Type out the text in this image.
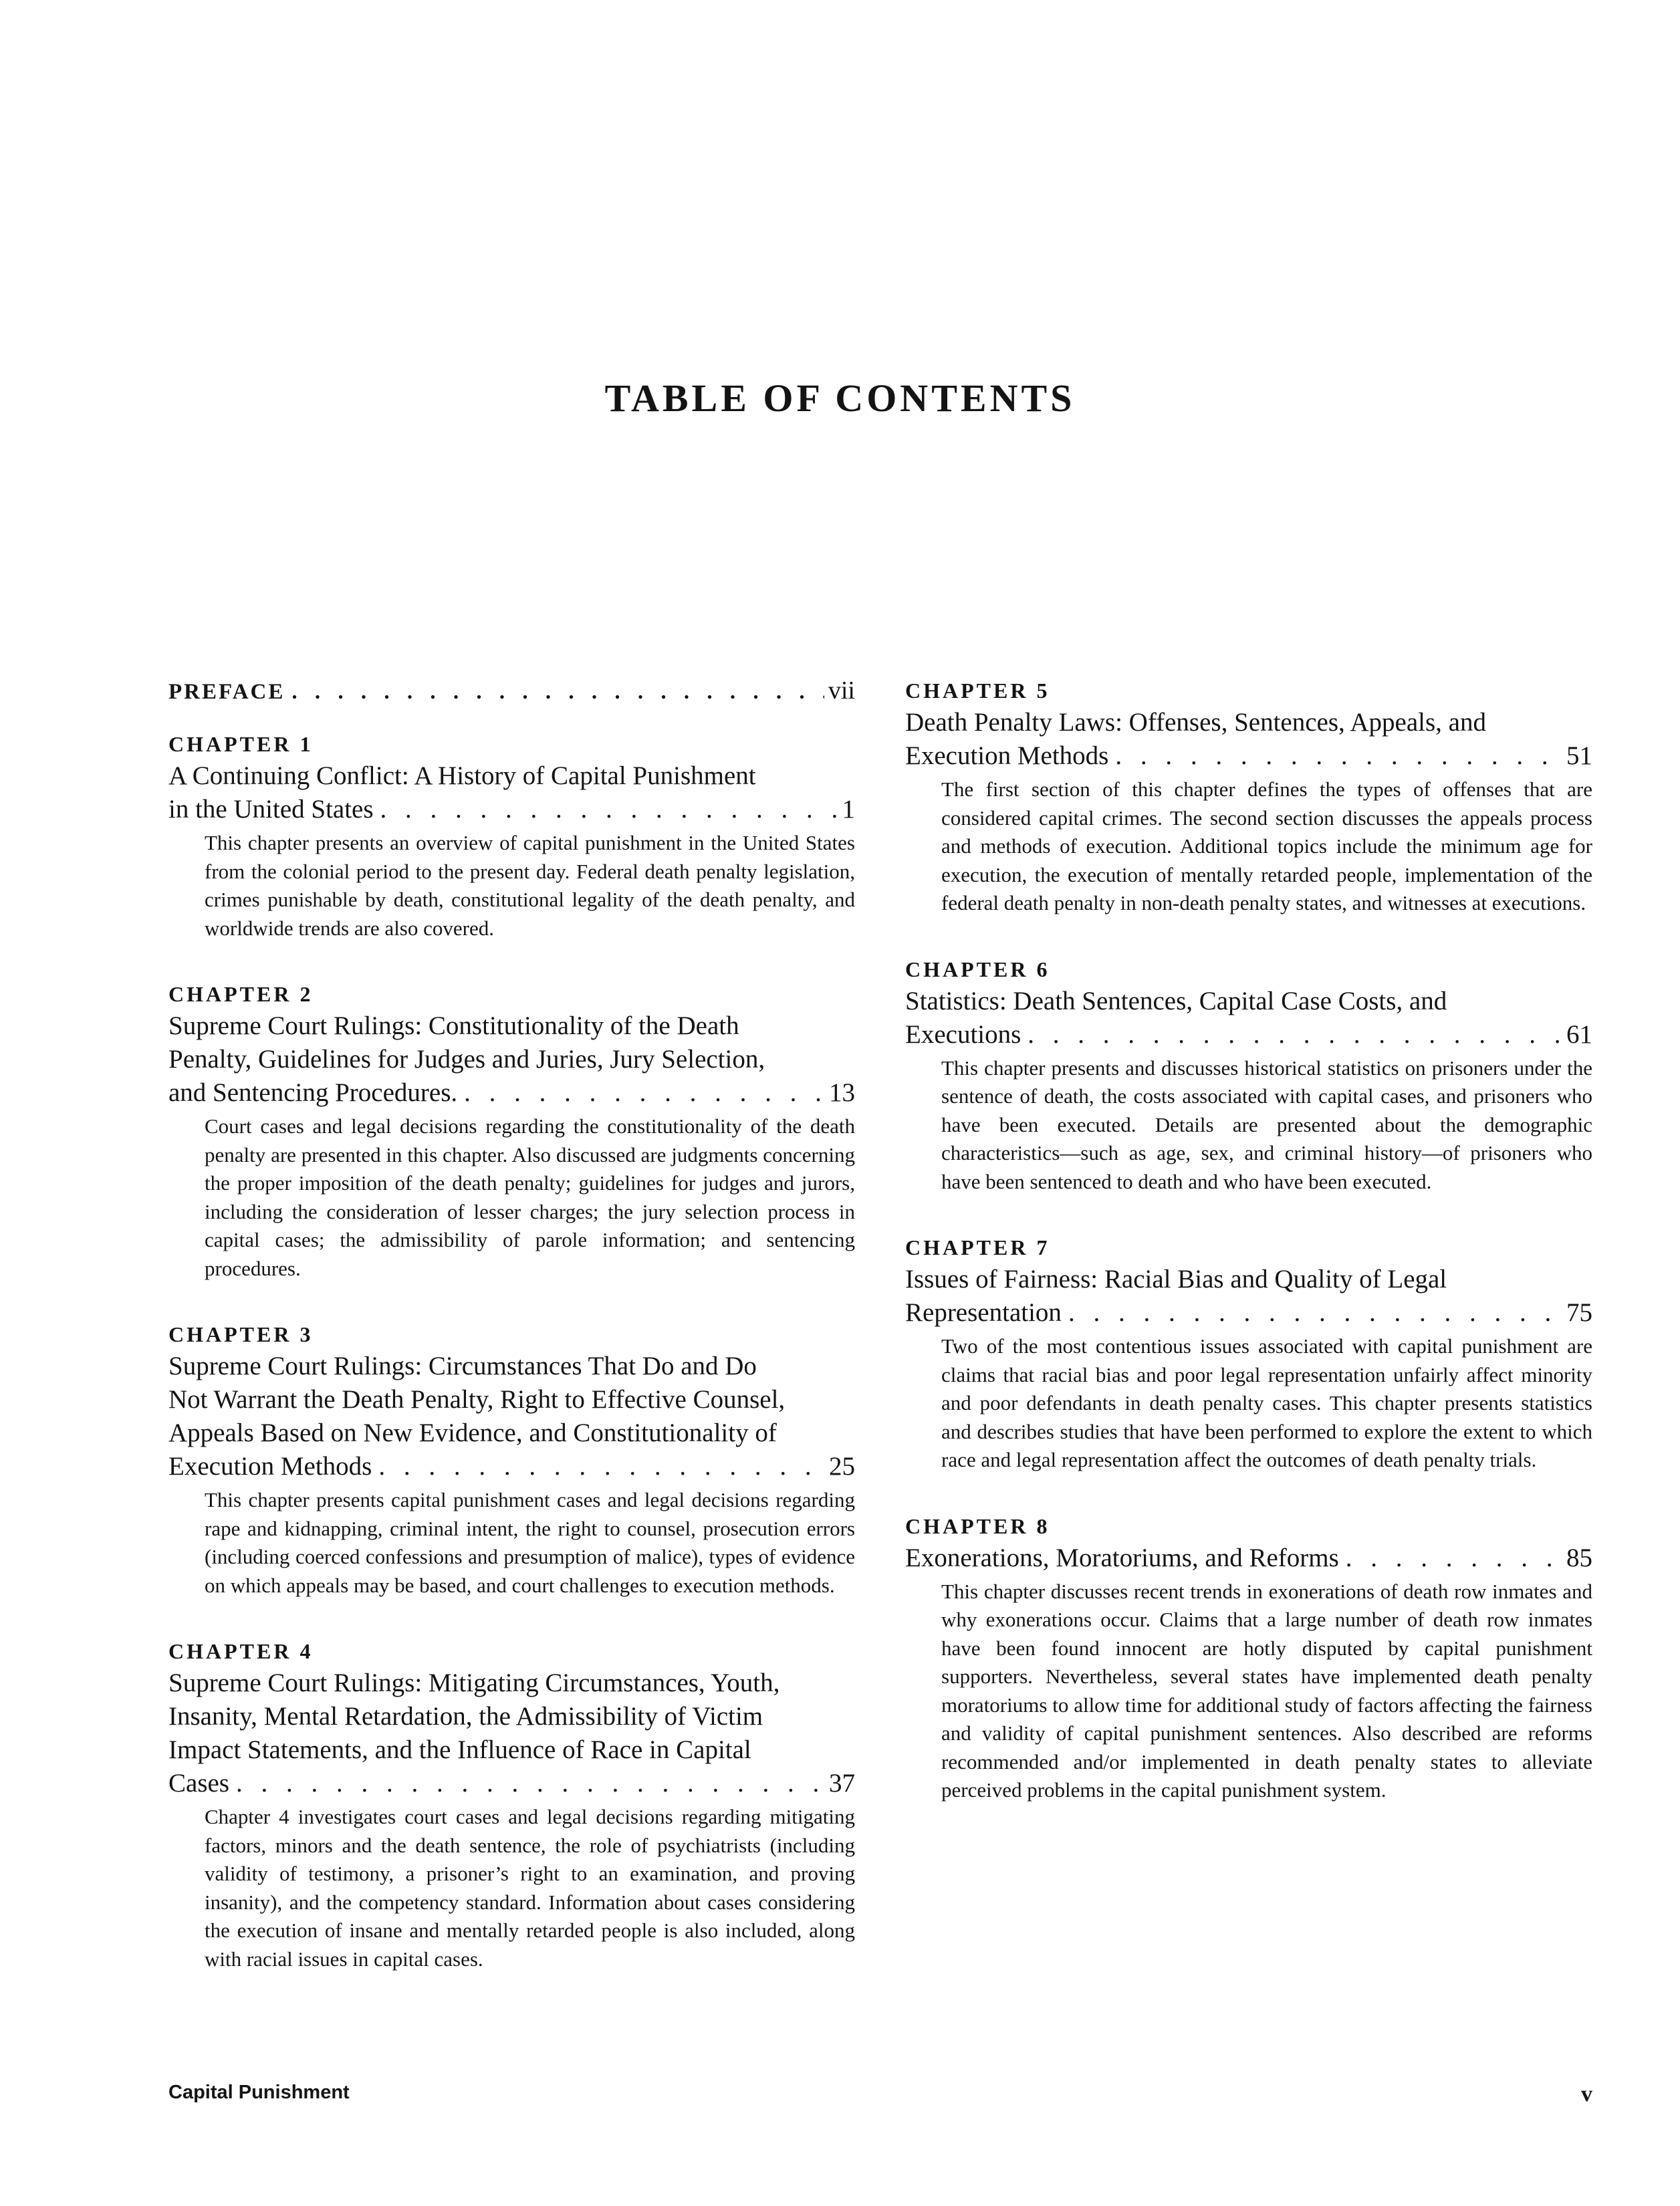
TABLE OF CONTENTS
PREFACE . . .	vii
CHAPTER 1
A Continuing Conflict: A History of Capital Punishment
in the United States . . .	1
This chapter presents an overview of capital punishment in the United States from the colonial period to the present day. Federal death penalty legislation, crimes punishable by death, constitutional legality of the death penalty, and worldwide trends are also covered.
CHAPTER 2
Supreme Court Rulings: Constitutionality of the Death
Penalty, Guidelines for Judges and Juries, Jury Selection,
and Sentencing Procedures. . . .	13
Court cases and legal decisions regarding the constitutionality of the death penalty are presented in this chapter. Also discussed are judgments concerning the proper imposition of the death penalty; guidelines for judges and jurors, including the consideration of lesser charges; the jury selection process in capital cases; the admissibility of parole information; and sentencing procedures.
CHAPTER 3
Supreme Court Rulings: Circumstances That Do and Do
Not Warrant the Death Penalty, Right to Effective Counsel,
Appeals Based on New Evidence, and Constitutionality of
Execution Methods . . .	25
This chapter presents capital punishment cases and legal decisions regarding rape and kidnapping, criminal intent, the right to counsel, prosecution errors (including coerced confessions and presumption of malice), types of evidence on which appeals may be based, and court challenges to execution methods.
CHAPTER 4
Supreme Court Rulings: Mitigating Circumstances, Youth,
Insanity, Mental Retardation, the Admissibility of Victim
Impact Statements, and the Influence of Race in Capital
Cases . . .	37
Chapter 4 investigates court cases and legal decisions regarding mitigating factors, minors and the death sentence, the role of psychiatrists (including validity of testimony, a prisoner’s right to an examination, and proving insanity), and the competency standard. Information about cases considering the execution of insane and mentally retarded people is also included, along with racial issues in capital cases.
CHAPTER 5
Death Penalty Laws: Offenses, Sentences, Appeals, and
Execution Methods . . .	51
The first section of this chapter defines the types of offenses that are considered capital crimes. The second section discusses the appeals process and methods of execution. Additional topics include the minimum age for execution, the execution of mentally retarded people, implementation of the federal death penalty in non-death penalty states, and witnesses at executions.
CHAPTER 6
Statistics: Death Sentences, Capital Case Costs, and
Executions . . .	61
This chapter presents and discusses historical statistics on prisoners under the sentence of death, the costs associated with capital cases, and prisoners who have been executed. Details are presented about the demographic characteristics—such as age, sex, and criminal history—of prisoners who have been sentenced to death and who have been executed.
CHAPTER 7
Issues of Fairness: Racial Bias and Quality of Legal
Representation . . .	75
Two of the most contentious issues associated with capital punishment are claims that racial bias and poor legal representation unfairly affect minority and poor defendants in death penalty cases. This chapter presents statistics and describes studies that have been performed to explore the extent to which race and legal representation affect the outcomes of death penalty trials.
CHAPTER 8
Exonerations, Moratoriums, and Reforms . . .	85
This chapter discusses recent trends in exonerations of death row inmates and why exonerations occur. Claims that a large number of death row inmates have been found innocent are hotly disputed by capital punishment supporters. Nevertheless, several states have implemented death penalty moratoriums to allow time for additional study of factors affecting the fairness and validity of capital punishment sentences. Also described are reforms recommended and/or implemented in death penalty states to alleviate perceived problems in the capital punishment system.
Capital Punishment	v
